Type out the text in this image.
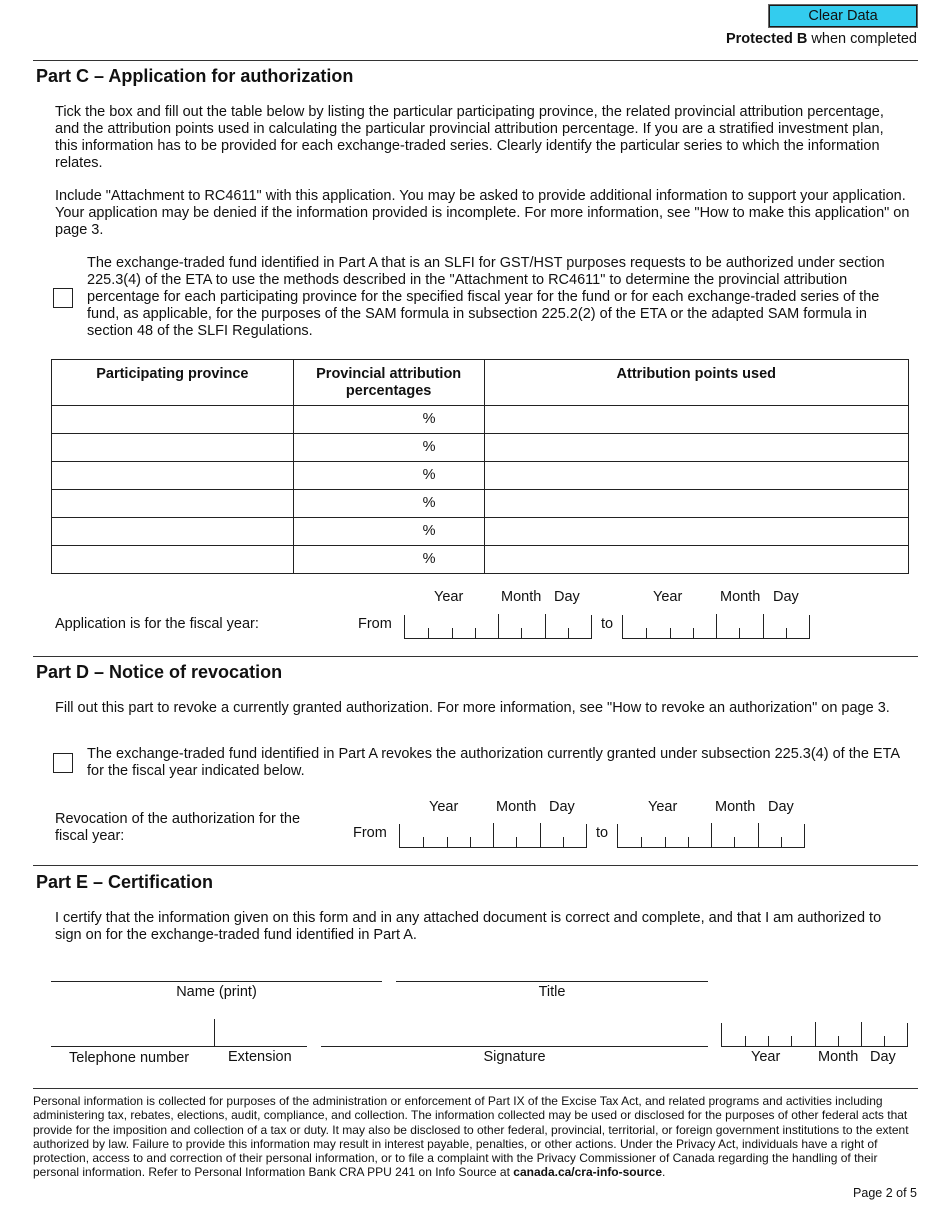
Clear Data
Protected B when completed
Part C – Application for authorization
Tick the box and fill out the table below by listing the particular participating province, the related provincial attribution percentage, and the attribution points used in calculating the particular provincial attribution percentage. If you are a stratified investment plan, this information has to be provided for each exchange-traded series. Clearly identify the particular series to which the information relates.
Include "Attachment to RC4611" with this application. You may be asked to provide additional information to support your application. Your application may be denied if the information provided is incomplete. For more information, see "How to make this application" on page 3.
The exchange-traded fund identified in Part A that is an SLFI for GST/HST purposes requests to be authorized under section 225.3(4) of the ETA to use the methods described in the "Attachment to RC4611" to determine the provincial attribution percentage for each participating province for the specified fiscal year for the fund or for each exchange-traded series of the fund, as applicable, for the purposes of the SAM formula in subsection 225.2(2) of the ETA or the adapted SAM formula in section 48 of the SLFI Regulations.
Participating province	Provincial attribution percentages	Attribution points used
	%	
	%	
	%	
	%	
	%	
	%	
Year	Month Day	Year	Month Day
Application is for the fiscal year:	From	to
Part D – Notice of revocation
Fill out this part to revoke a currently granted authorization. For more information, see "How to revoke an authorization" on page 3.
The exchange-traded fund identified in Part A revokes the authorization currently granted under subsection 225.3(4) of the ETA for the fiscal year indicated below.
Year	Month Day	Year	Month Day
Revocation of the authorization for the fiscal year:	From	to
Part E – Certification
I certify that the information given on this form and in any attached document is correct and complete, and that I am authorized to sign on for the exchange-traded fund identified in Part A.
Name (print)	Title
Telephone number	Extension	Signature	Year	Month Day
Personal information is collected for purposes of the administration or enforcement of Part IX of the Excise Tax Act, and related programs and activities including administering tax, rebates, elections, audit, compliance, and collection. The information collected may be used or disclosed for the purposes of other federal acts that provide for the imposition and collection of a tax or duty. It may also be disclosed to other federal, provincial, territorial, or foreign government institutions to the extent authorized by law. Failure to provide this information may result in interest payable, penalties, or other actions. Under the Privacy Act, individuals have a right of protection, access to and correction of their personal information, or to file a complaint with the Privacy Commissioner of Canada regarding the handling of their personal information. Refer to Personal Information Bank CRA PPU 241 on Info Source at canada.ca/cra-info-source.
Page 2 of 5
